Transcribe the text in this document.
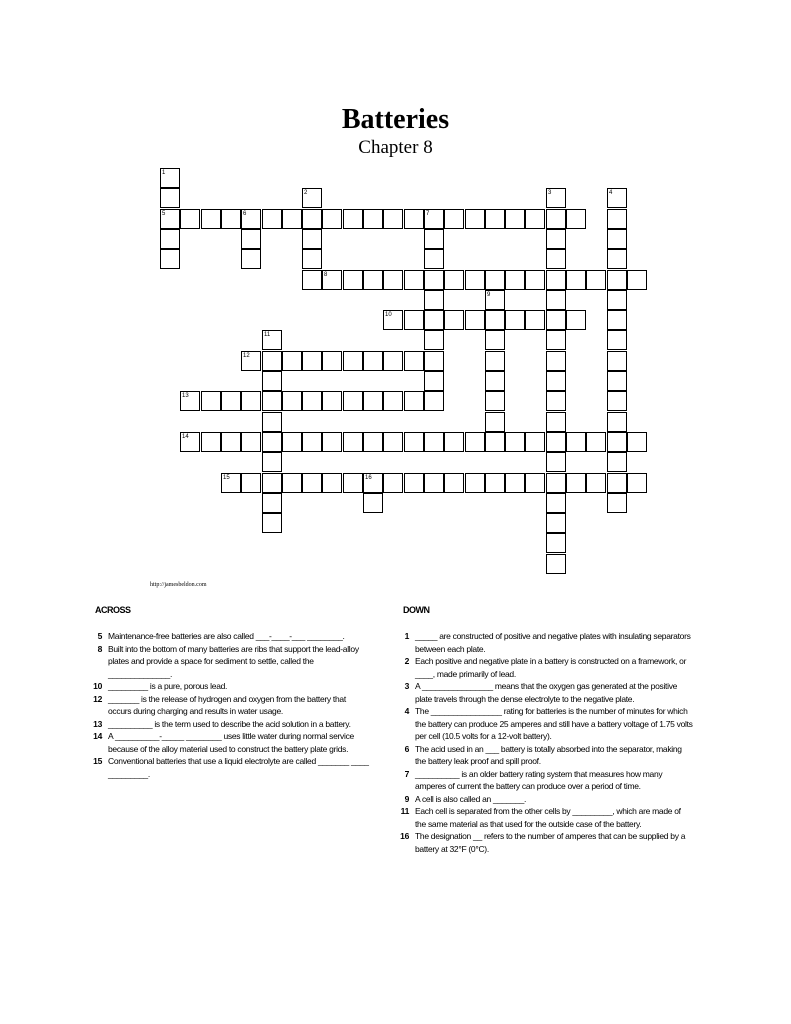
Batteries
Chapter 8
5
8
10
12
13
14
15
1
2	3	4
6	7
9
11
16
http://jamesbeldon.com
ACROSS	DOWN
5 Maintenance-free batteries are also called ___-____-___ ________.
8 Built into the bottom of many batteries are ribs that support the lead-alloy plates and provide a space for sediment to settle, called the ______________.
10 _________ is a pure, porous lead.
12 _______ is the release of hydrogen and oxygen from the battery that occurs during charging and results in water usage.
13 __________ is the term used to describe the acid solution in a battery.
14 A __________-_____ ________ uses little water during normal service because of the alloy material used to construct the battery plate grids.
15 Conventional batteries that use a liquid electrolyte are called _______ ____ _________.
1 _____ are constructed of positive and negative plates with insulating separators between each plate.
2 Each positive and negative plate in a battery is constructed on a framework, or ____, made primarily of lead.
3 A ________________ means that the oxygen gas generated at the positive plate travels through the dense electrolyte to the negative plate.
4 The ________________ rating for batteries is the number of minutes for which the battery can produce 25 amperes and still have a battery voltage of 1.75 volts per cell (10.5 volts for a 12-volt battery).
6 The acid used in an ___ battery is totally absorbed into the separator, making the battery leak proof and spill proof.
7 __________ is an older battery rating system that measures how many amperes of current the battery can produce over a period of time.
9 A cell is also called an _______.
11 Each cell is separated from the other cells by _________, which are made of the same material as that used for the outside case of the battery.
16 The designation __ refers to the number of amperes that can be supplied by a battery at 32°F (0°C).
